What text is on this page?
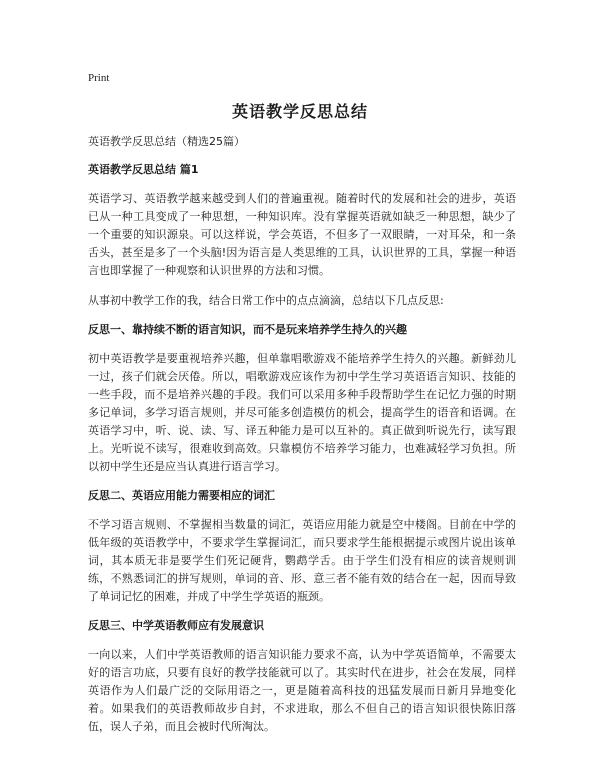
Print
英语教学反思总结

英语教学反思总结（精选25篇）

英语教学反思总结 篇1

英语学习、英语教学越来越受到人们的普遍重视。随着时代的发展和社会的进步，英语已从一种工具变成了一种思想，一种知识库。没有掌握英语就如缺乏一种思想，缺少了一个重要的知识源泉。可以这样说，学会英语，不但多了一双眼睛，一对耳朵，和一条舌头，甚至是多了一个头脑!因为语言是人类思维的工具，认识世界的工具，掌握一种语言也即掌握了一种观察和认识世界的方法和习惯。

从事初中教学工作的我，结合日常工作中的点点滴滴，总结以下几点反思:

反思一、靠持续不断的语言知识，而不是玩来培养学生持久的兴趣

初中英语教学是要重视培养兴趣，但单靠唱歌游戏不能培养学生持久的兴趣。新鲜劲儿一过，孩子们就会厌倦。所以，唱歌游戏应该作为初中学生学习英语语言知识、技能的一些手段，而不是培养兴趣的手段。我们可以采用多种手段帮助学生在记忆力强的时期多记单词，多学习语言规则，并尽可能多创造模仿的机会，提高学生的语音和语调。在英语学习中，听、说、读、写、译五种能力是可以互补的。真正做到听说先行，读写跟上。光听说不读写，很难收到高效。只靠模仿不培养学习能力，也难减轻学习负担。所以初中学生还是应当认真进行语言学习。

反思二、英语应用能力需要相应的词汇

不学习语言规则、不掌握相当数量的词汇，英语应用能力就是空中楼阁。目前在中学的低年级的英语教学中，不要求学生掌握词汇，而只要求学生能根据提示或图片说出该单词，其本质无非是要学生们死记硬背，鹦鹉学舌。由于学生们没有相应的读音规则训练，不熟悉词汇的拼写规则，单词的音、形、意三者不能有效的结合在一起，因而导致了单词记忆的困难，并成了中学生学英语的瓶颈。

反思三、中学英语教师应有发展意识

一向以来，人们中学英语教师的语言知识能力要求不高，认为中学英语简单，不需要太好的语言功底，只要有良好的教学技能就可以了。其实时代在进步，社会在发展，同样英语作为人们最广泛的交际用语之一，更是随着高科技的迅猛发展而日新月异地变化着。如果我们的英语教师故步自封，不求进取，那么不但自己的语言知识很快陈旧落伍，误人子弟，而且会被时代所淘汰。
